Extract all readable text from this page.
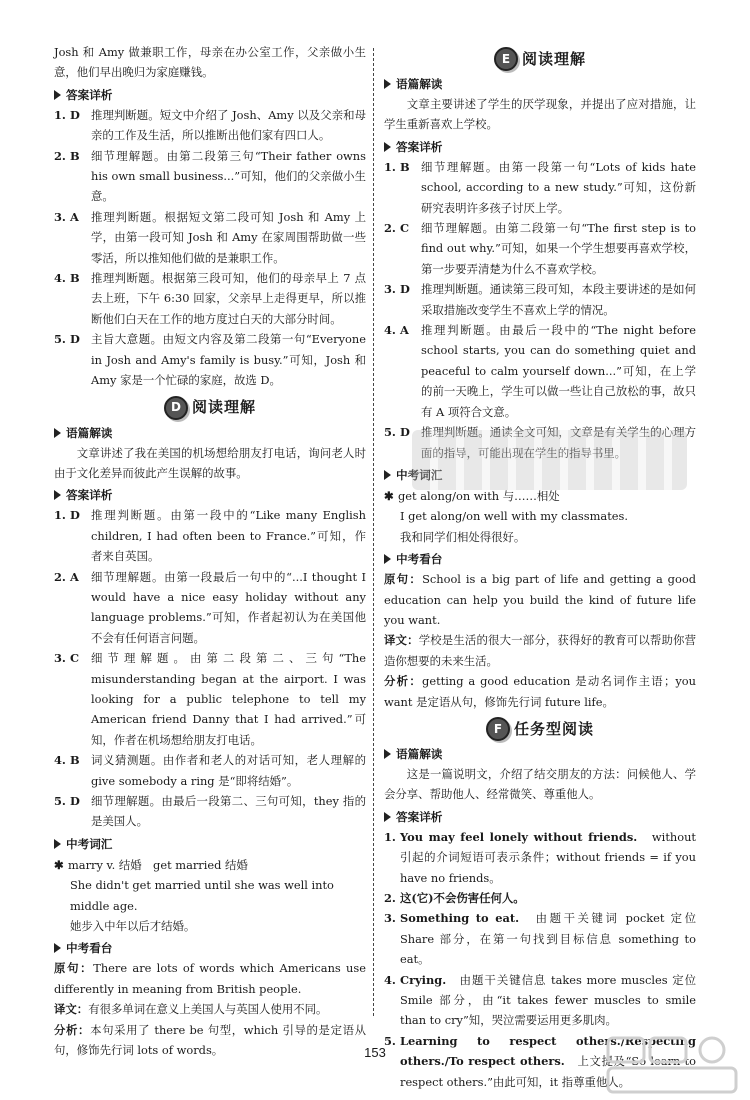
Josh 和 Amy 做兼职工作，母亲在办公室工作，父亲做小生意，他们早出晚归为家庭赚钱。

答案详析
1. D 推理判断题。短文中介绍了 Josh、Amy 以及父亲和母亲的工作及生活，所以推断出他们家有四口人。
2. B 细节理解题。由第二段第三句“Their father owns his own small business...”可知，他们的父亲做小生意。
3. A	推理判断题。根据短文第二段可知 Josh 和 Amy 上学，由第一段可知 Josh 和 Amy 在家周围帮助做一些零活，所以推知他们做的是兼职工作。
4. B 推理判断题。根据第三段可知，他们的母亲早上 7 点去上班，下午 6:30 回家，父亲早上走得更早，所以推断他们白天在工作的地方度过白天的大部分时间。
5. D 主旨大意题。由短文内容及第二段第一句“Everyone in Josh and Amy's family is busy.”可知，Josh 和 Amy 家是一个忙碌的家庭，故选 D。
D 阅读理解
语篇解读

文章讲述了我在美国的机场想给朋友打电话，询问老人时由于文化差异而彼此产生误解的故事。

答案详析
1. D 推理判断题。由第一段中的“Like many English children, I had often been to France.”可知，作者来自英国。
2. A	细节理解题。由第一段最后一句中的“...I thought I would have a nice easy holiday without any language problems.”可知，作者起初认为在美国他不会有任何语言问题。
3. C	细节理解题。由第二段第二、三句“The misunderstanding began at the airport. I was looking for a public telephone to tell my American friend Danny that I had arrived.”可知，作者在机场想给朋友打电话。
4. B 词义猜测题。由作者和老人的对话可知，老人理解的 give somebody a ring 是“即将结婚”。
5. D 细节理解题。由最后一段第二、三句可知，they 指的是美国人。
中考词汇
✱ marry v. 结婚　get married 结婚
She didn't get married until she was well into middle age.
她步入中年以后才结婚。
中考看台

原句：There are lots of words which Americans use differently in meaning from British people.

译文：有很多单词在意义上美国人与英国人使用不同。

分析：本句采用了 there be 句型，which 引导的是定语从句，修饰先行词 lots of words。

E 阅读理解
语篇解读

文章主要讲述了学生的厌学现象，并提出了应对措施，让学生重新喜欢上学校。

答案详析
1. B 细节理解题。由第一段第一句“Lots of kids hate school, according to a new study.”可知，这份新研究表明许多孩子讨厌上学。
2. C	细节理解题。由第二段第一句“The first step is to find out why.”可知，如果一个学生想要再喜欢学校，第一步要弄清楚为什么不喜欢学校。
3. D 推理判断题。通读第三段可知，本段主要讲述的是如何采取措施改变学生不喜欢上学的情况。
4. A	推理判断题。由最后一段中的“The night before school starts, you can do something quiet and peaceful to calm yourself down...”可知，在上学的前一天晚上，学生可以做一些让自己放松的事，故只有 A 项符合文意。
5. D 推理判断题。通读全文可知，文章是有关学生的心理方面的指导，可能出现在学生的指导书里。
中考词汇
✱ get along/on with 与……相处
I get along/on well with my classmates.
我和同学们相处得很好。
中考看台

原句：School is a big part of life and getting a good education can help you build the kind of future life you want.

译文：学校是生活的很大一部分，获得好的教育可以帮助你营造你想要的未来生活。

分析：getting a good education 是动名词作主语；you want 是定语从句，修饰先行词 future life。

F 任务型阅读
语篇解读

这是一篇说明文，介绍了结交朋友的方法：问候他人、学会分享、帮助他人、经常微笑、尊重他人。

答案详析
1. You may feel lonely without friends.　 without 引起的介词短语可表示条件；without friends = if you have no friends。
2. 这(它)不会伤害任何人。
3. Something to eat.　 由题干关键词 pocket 定位 Share 部分，在第一句找到目标信息 something to eat。
4. Crying.　 由题干关键信息 takes more muscles 定位 Smile 部分，由“it takes fewer muscles to smile than to cry”知，哭泣需要运用更多肌肉。
5. Learning to respect others./Respecting others./To respect others.　 上文提及“So learn to respect others.”由此可知，it 指尊重他人。
153
